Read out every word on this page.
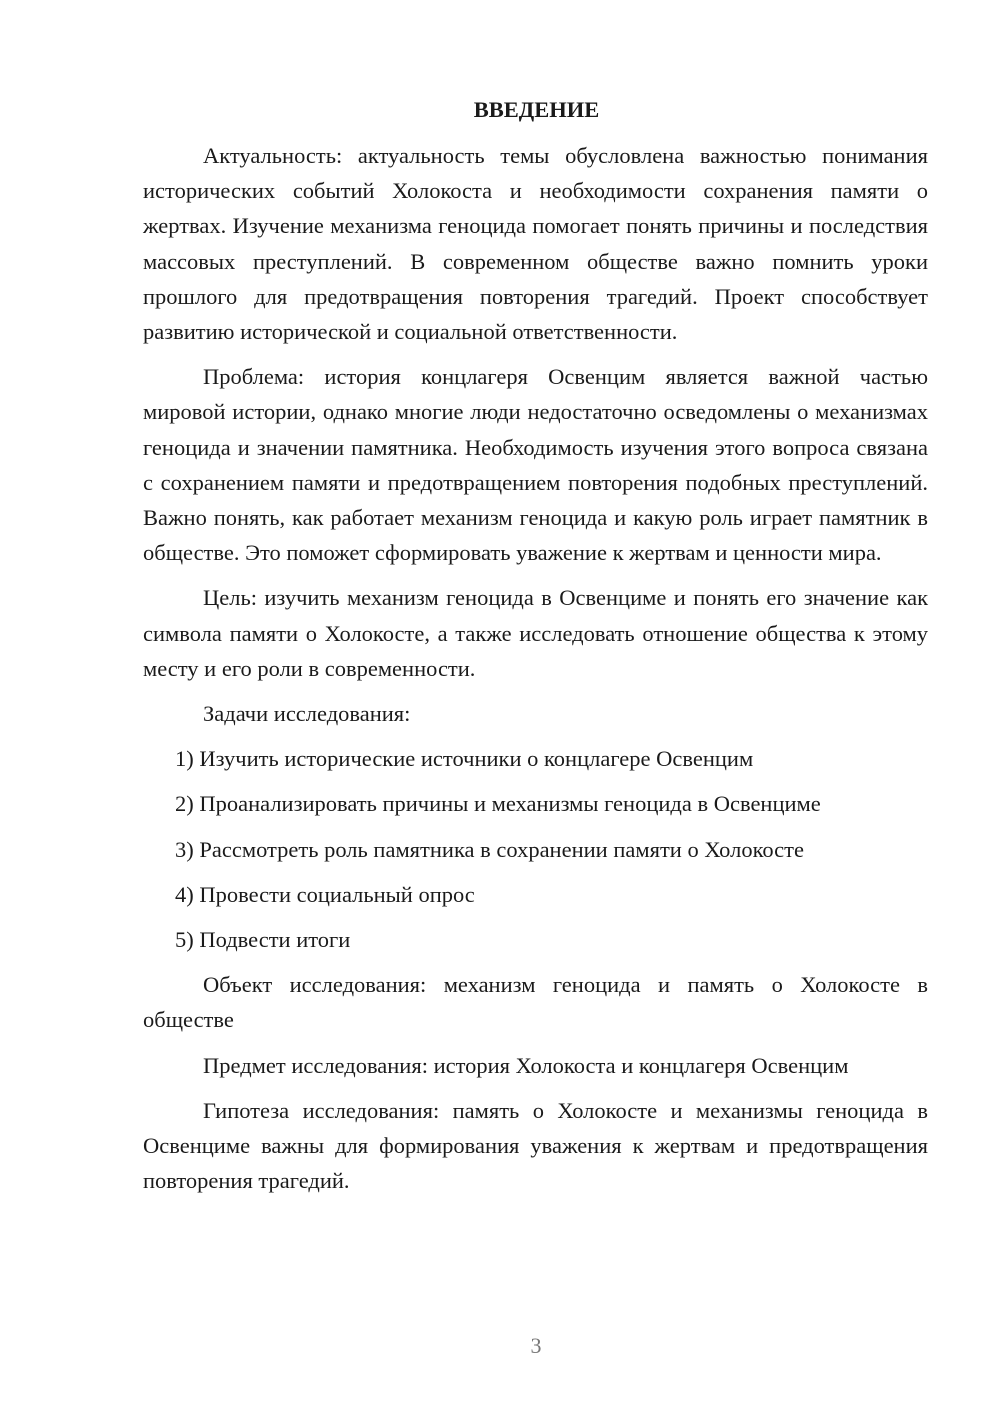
ВВЕДЕНИЕ
Актуальность: актуальность темы обусловлена важностью понимания исторических событий Холокоста и необходимости сохранения памяти о жертвах. Изучение механизма геноцида помогает понять причины и последствия массовых преступлений. В современном обществе важно помнить уроки прошлого для предотвращения повторения трагедий. Проект способствует развитию исторической и социальной ответственности.
Проблема: история концлагеря Освенцим является важной частью мировой истории, однако многие люди недостаточно осведомлены о механизмах геноцида и значении памятника. Необходимость изучения этого вопроса связана с сохранением памяти и предотвращением повторения подобных преступлений. Важно понять, как работает механизм геноцида и какую роль играет памятник в обществе. Это поможет сформировать уважение к жертвам и ценности мира.
Цель: изучить механизм геноцида в Освенциме и понять его значение как символа памяти о Холокосте, а также исследовать отношение общества к этому месту и его роли в современности.
Задачи исследования:
1) Изучить исторические источники о концлагере Освенцим
2) Проанализировать причины и механизмы геноцида в Освенциме
3) Рассмотреть роль памятника в сохранении памяти о Холокосте
4) Провести социальный опрос
5) Подвести итоги
Объект исследования: механизм геноцида и память о Холокосте в обществе
Предмет исследования: история Холокоста и концлагеря Освенцим
Гипотеза исследования: память о Холокосте и механизмы геноцида в Освенциме важны для формирования уважения к жертвам и предотвращения повторения трагедий.
3
